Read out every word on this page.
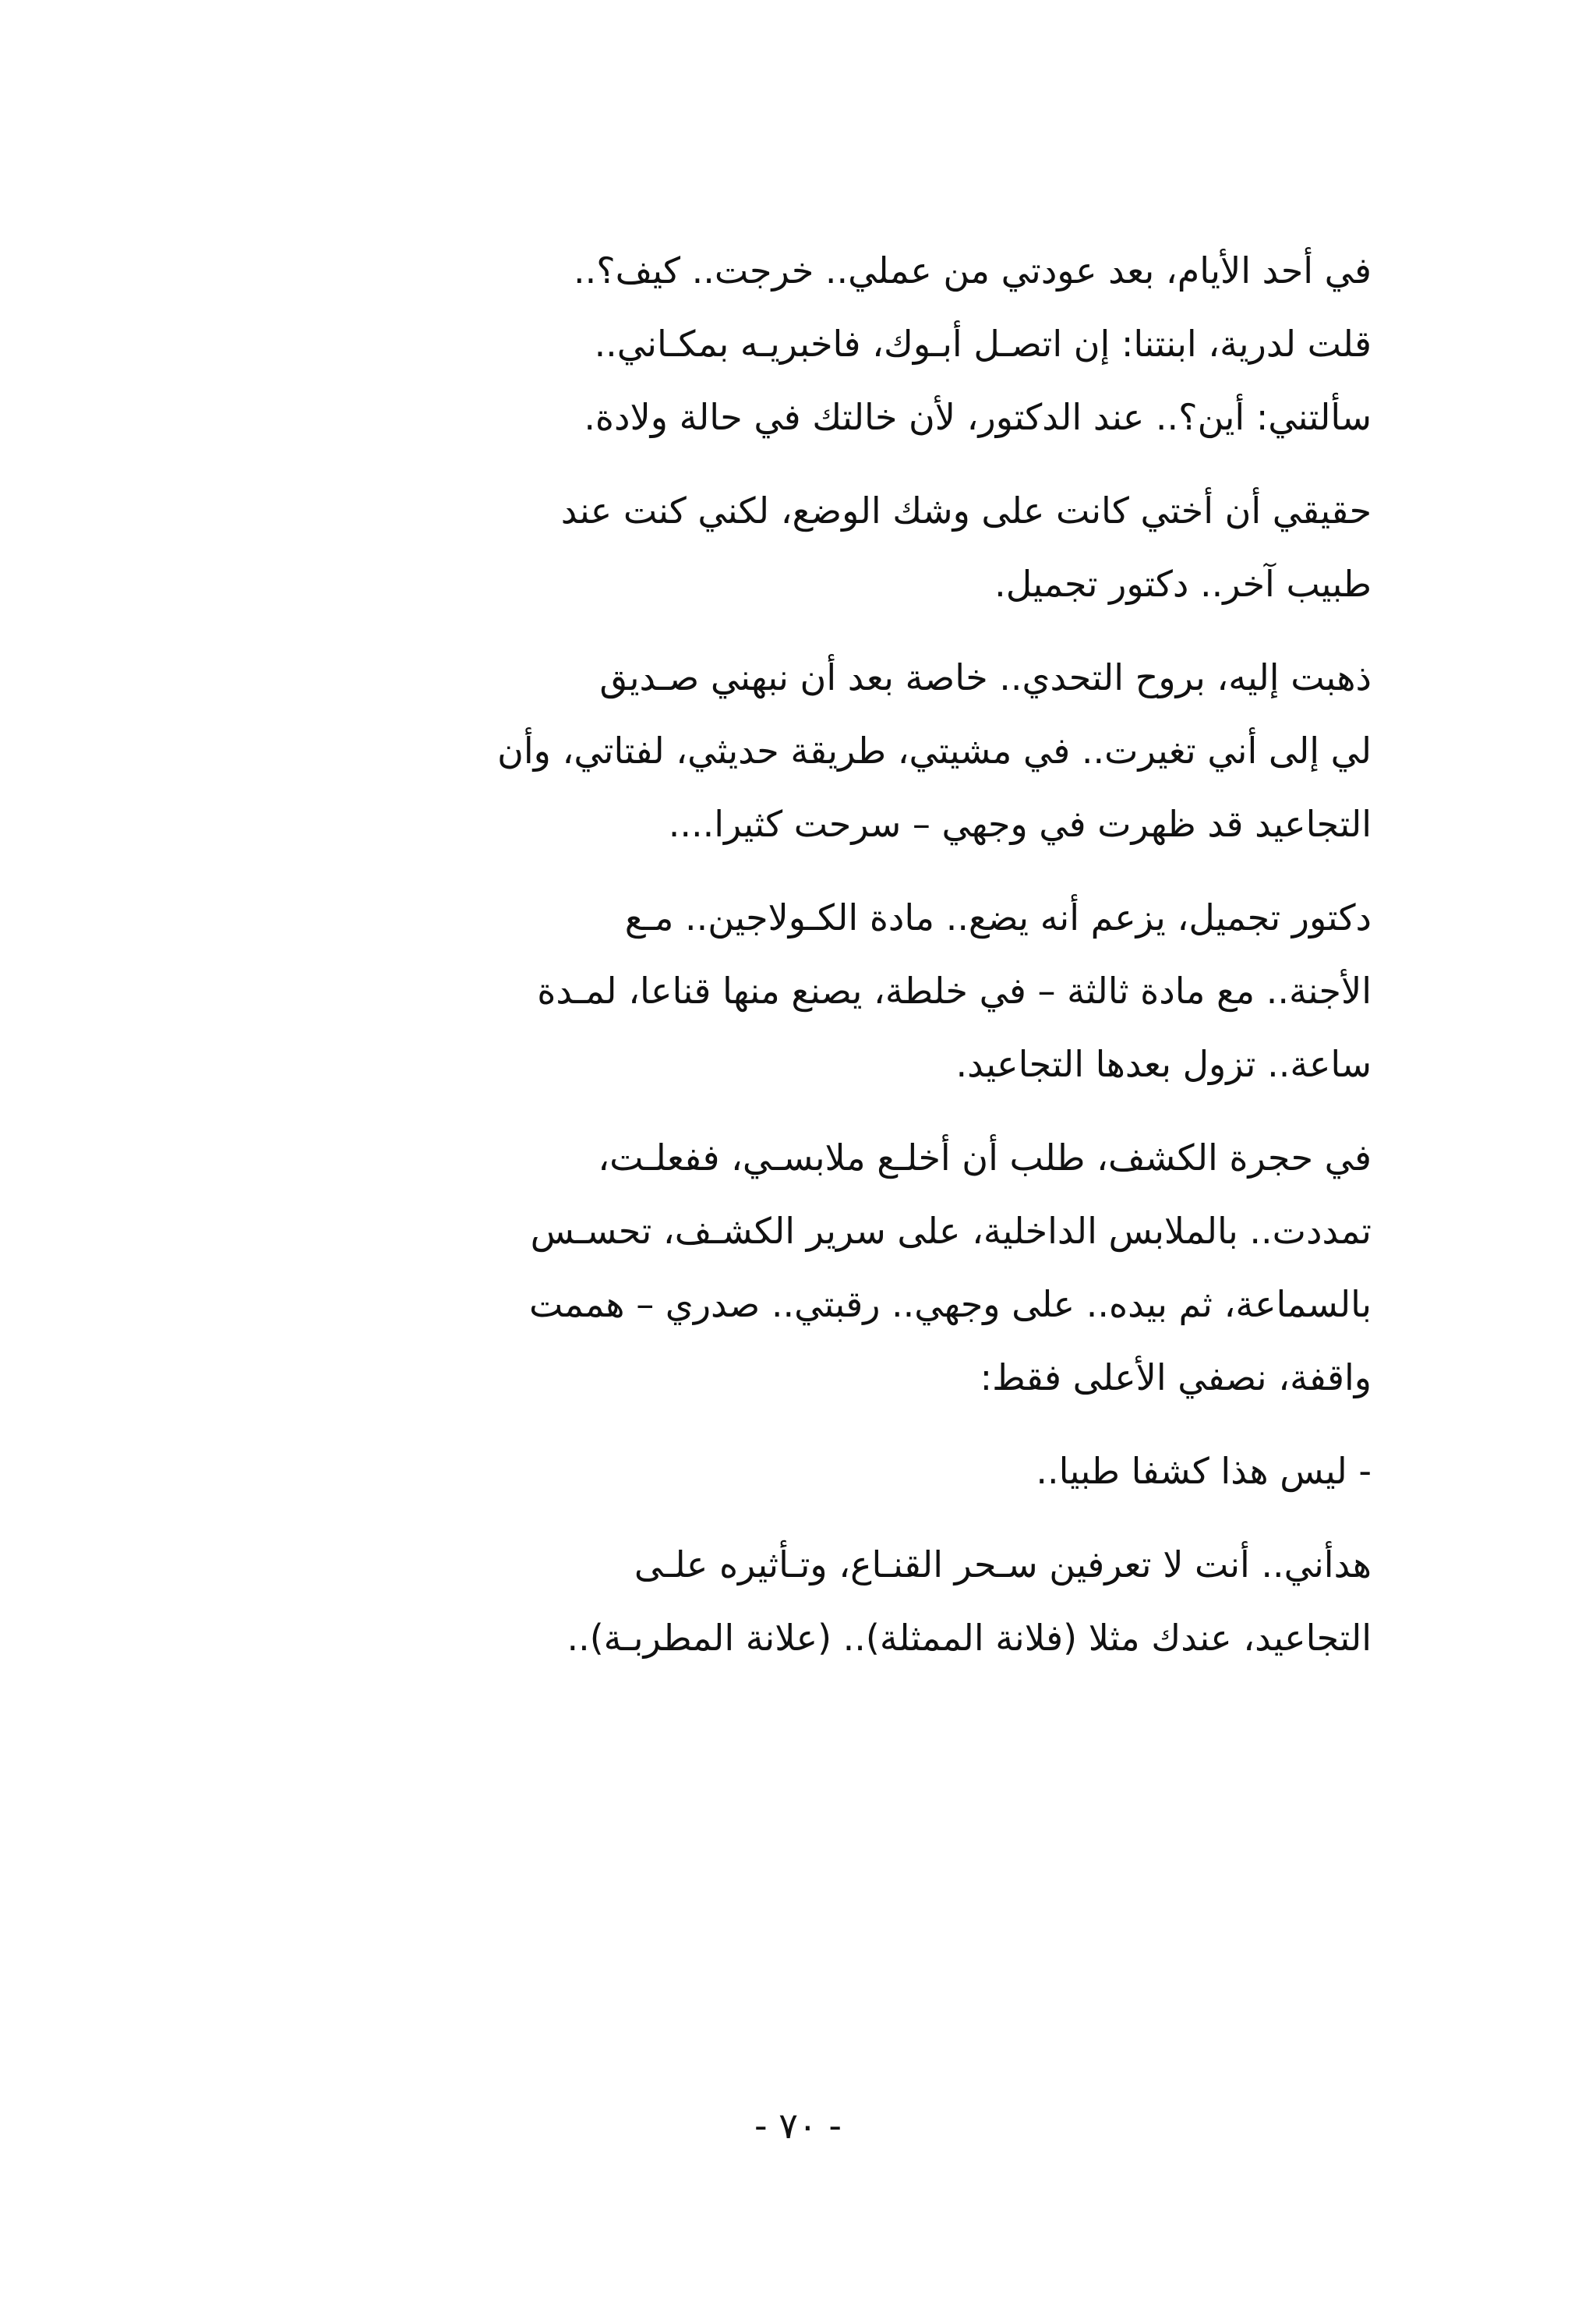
في أحد الأيام، بعد عودتي من عملي.. خرجت.. كيف؟..
قلت لدرية، ابنتنا: إن اتصـل أبـوك، فاخبريـه بمكـاني..
سألتني: أين؟.. عند الدكتور، لأن خالتك في حالة ولادة.

حقيقي أن أختي كانت على وشك الوضع، لكني كنت عند
طبيب آخر.. دكتور تجميل.

ذهبت إليه، بروح التحدي.. خاصة بعد أن نبهني صـديق
لي إلى أني تغيرت.. في مشيتي، طريقة حديثي، لفتاتي، وأن
التجاعيد قد ظهرت في وجهي – سرحت كثيرا....

دكتور تجميل، يزعم أنه يضع.. مادة الكـولاجين.. مـع
الأجنة.. مع مادة ثالثة – في خلطة، يصنع منها قناعا، لمـدة
ساعة.. تزول بعدها التجاعيد.

في حجرة الكشف، طلب أن أخلـع ملابسـي، ففعلـت،
تمددت.. بالملابس الداخلية، على سرير الكشـف، تحسـس
بالسماعة، ثم بيده.. على وجهي.. رقبتي.. صدري – هممت
واقفة، نصفي الأعلى فقط:

- ليس هذا كشفا طبيا..

هدأني.. أنت لا تعرفين سـحر القنـاع، وتـأثيره علـى
التجاعيد، عندك مثلا (فلانة الممثلة).. (علانة المطربـة)..

- ٧٠ -
